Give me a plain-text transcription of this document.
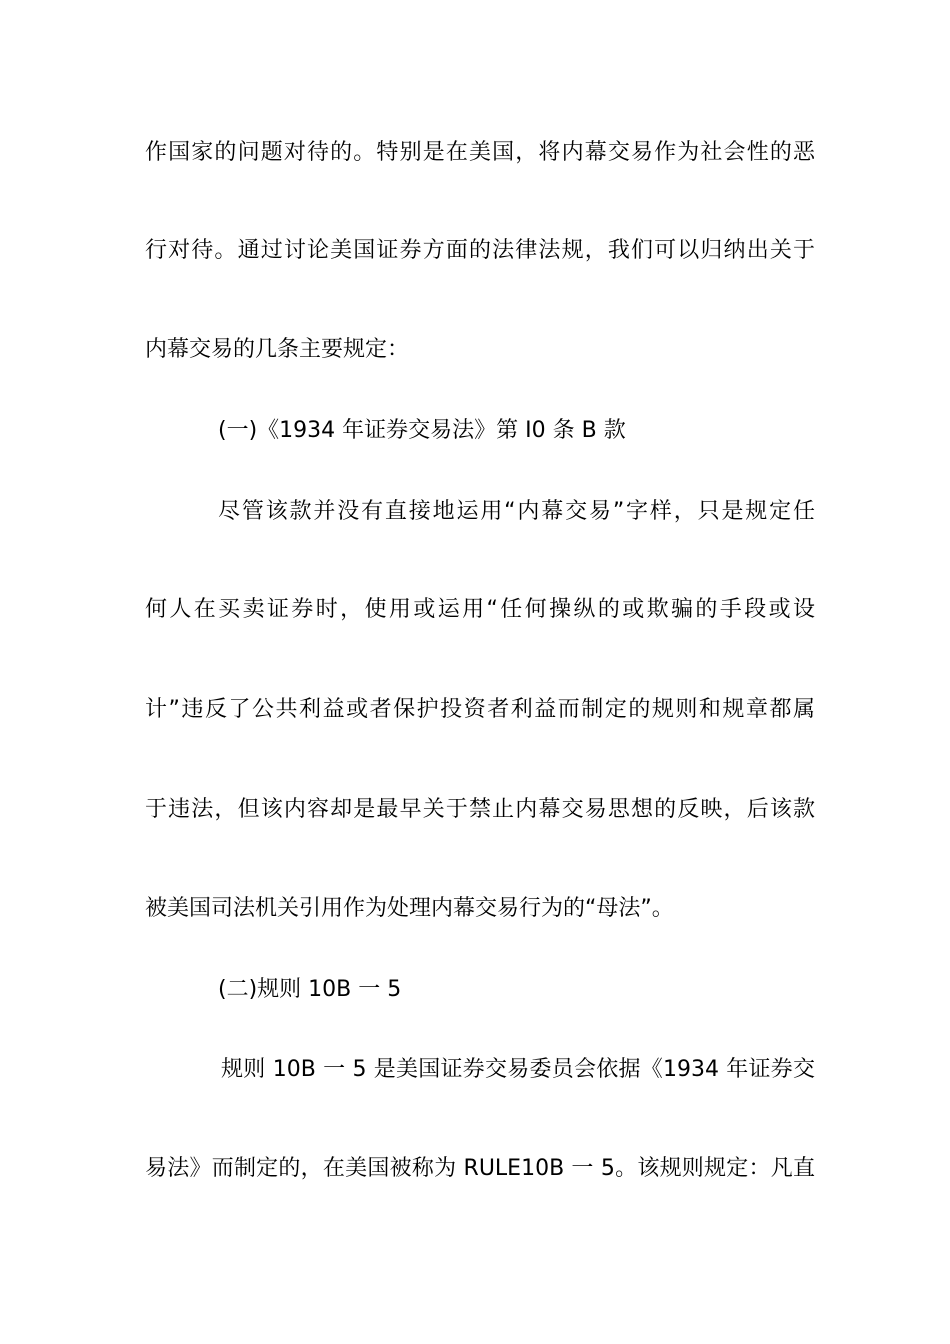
作国家的问题对待的。特别是在美国，将内幕交易作为社会性的恶
行对待。通过讨论美国证券方面的法律法规，我们可以归纳出关于
内幕交易的几条主要规定：
(一)《1934 年证券交易法》第 I0 条 B 款
尽管该款并没有直接地运用“内幕交易”字样，只是规定任
何人在买卖证券时，使用或运用“任何操纵的或欺骗的手段或设
计”违反了公共利益或者保护投资者利益而制定的规则和规章都属
于违法，但该内容却是最早关于禁止内幕交易思想的反映，后该款
被美国司法机关引用作为处理内幕交易行为的“母法”。
(二)规则 10B 一 5
规则 10B 一 5 是美国证券交易委员会依据《1934 年证券交
易法》而制定的，在美国被称为 RULE10B 一 5。该规则规定：凡直
